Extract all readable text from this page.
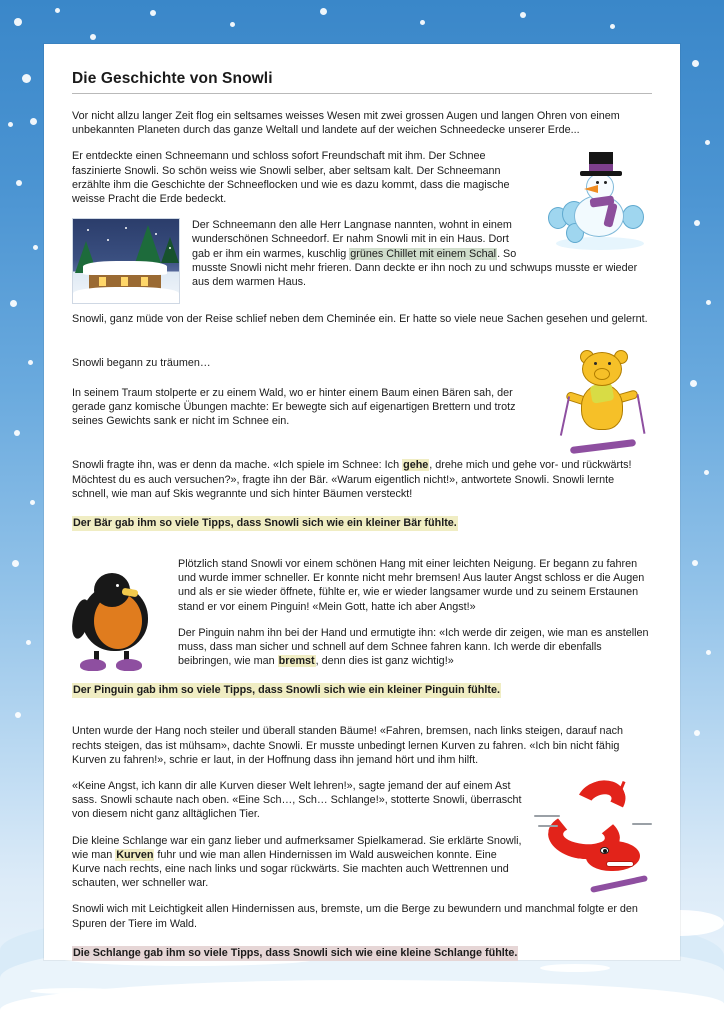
Die Geschichte von Snowli

Vor nicht allzu langer Zeit flog ein seltsames weisses Wesen mit zwei grossen Augen und langen Ohren von einem unbekannten Planeten durch das ganze Weltall und landete auf der weichen Schneedecke unserer Erde...

Er entdeckte einen Schneemann und schloss sofort Freundschaft mit ihm. Der Schnee faszinierte Snowli. So schön weiss wie Snowli selber, aber seltsam kalt. Der Schneemann erzählte ihm die Geschichte der Schneeflocken und wie es dazu kommt, dass die magische weisse Pracht die Erde bedeckt.

Der Schneemann den alle Herr Langnase nannten, wohnt in einem wunderschönen Schneedorf. Er nahm Snowli mit in ein Haus. Dort gab er ihm ein warmes, kuschlig grünes Chillet mit einem Schal. So musste Snowli nicht mehr frieren. Dann deckte er ihn noch zu und schwups musste er wieder aus dem warmen Haus.

Snowli, ganz müde von der Reise schlief neben dem Cheminée ein. Er hatte so viele neue Sachen gesehen und gelernt.

Snowli begann zu träumen…

In seinem Traum stolperte er zu einem Wald, wo er hinter einem Baum einen Bären sah, der gerade ganz komische Übungen machte: Er bewegte sich auf eigenartigen Brettern und trotz seines Gewichts sank er nicht im Schnee ein.

Snowli fragte ihn, was er denn da mache. «Ich spiele im Schnee: Ich gehe, drehe mich und gehe vor- und rückwärts! Möchtest du es auch versuchen?», fragte ihn der Bär. «Warum eigentlich nicht!», antwortete Snowli. Snowli lernte schnell, wie man auf Skis wegrannte und sich hinter Bäumen versteckt!

Der Bär gab ihm so viele Tipps, dass Snowli sich wie ein kleiner Bär fühlte.

Plötzlich stand Snowli vor einem schönen Hang mit einer leichten Neigung. Er begann zu fahren und wurde immer schneller. Er konnte nicht mehr bremsen! Aus lauter Angst schloss er die Augen und als er sie wieder öffnete, fühlte er, wie er wieder langsamer wurde und zu seinem Erstaunen stand er vor einem Pinguin! «Mein Gott, hatte ich aber Angst!»

Der Pinguin nahm ihn bei der Hand und ermutigte ihn: «Ich werde dir zeigen, wie man es anstellen muss, dass man sicher und schnell auf dem Schnee fahren kann. Ich werde dir ebenfalls beibringen, wie man bremst, denn dies ist ganz wichtig!»

Der Pinguin gab ihm so viele Tipps, dass Snowli sich wie ein kleiner Pinguin fühlte.

Unten wurde der Hang noch steiler und überall standen Bäume! «Fahren, bremsen, nach links steigen, darauf nach rechts steigen, das ist mühsam», dachte Snowli. Er musste unbedingt lernen Kurven zu fahren. «Ich bin nicht fähig Kurven zu fahren!», schrie er laut, in der Hoffnung dass ihn jemand hört und ihm hilft.

«Keine Angst, ich kann dir alle Kurven dieser Welt lehren!», sagte jemand der auf einem Ast sass. Snowli schaute nach oben. «Eine Sch…, Sch… Schlange!», stotterte Snowli, überrascht von diesem nicht ganz alltäglichen Tier.

Die kleine Schlange war ein ganz lieber und aufmerksamer Spielkamerad. Sie erklärte Snowli, wie man Kurven fuhr und wie man allen Hindernissen im Wald ausweichen konnte. Eine Kurve nach rechts, eine nach links und sogar rückwärts. Sie machten auch Wettrennen und schauten, wer schneller war.

Snowli wich mit Leichtigkeit allen Hindernissen aus, bremste, um die Berge zu bewundern und manchmal folgte er den Spuren der Tiere im Wald.

Die Schlange gab ihm so viele Tipps, dass Snowli sich wie eine kleine Schlange fühlte.
